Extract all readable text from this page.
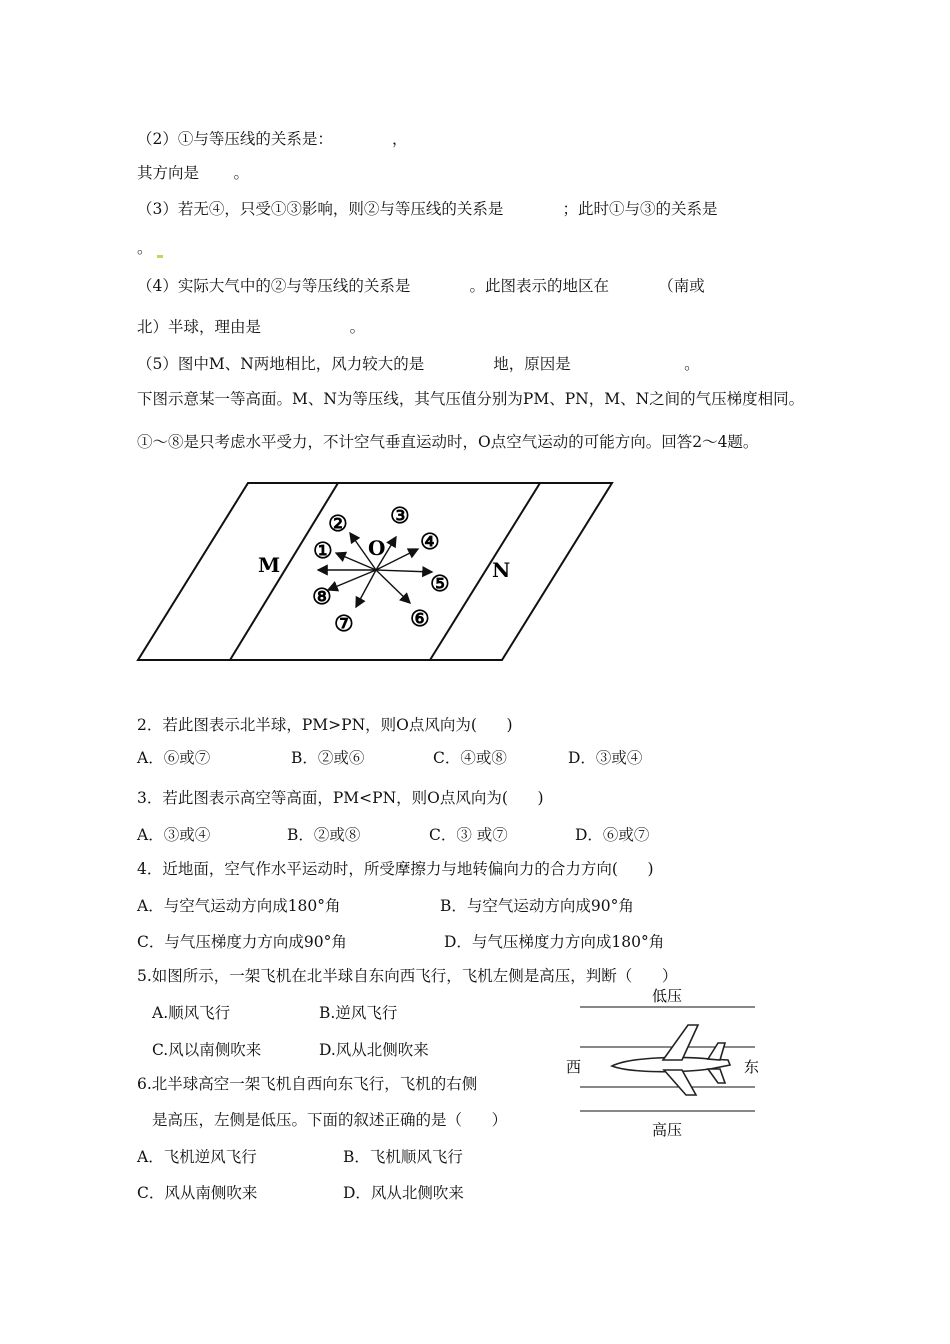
（2）①与等压线的关系是：            ，
其方向是       。
（3）若无④，只受①③影响，则②与等压线的关系是            ；此时①与③的关系是
。
（4）实际大气中的②与等压线的关系是            。此图表示的地区在          （南或
北）半球，理由是                  。
（5）图中M、N两地相比，风力较大的是              地，原因是                       。
下图示意某一等高面。M、N为等压线，其气压值分别为PM、PN，M、N之间的气压梯度相同。
①～⑧是只考虑水平受力，不计空气垂直运动时，O点空气运动的可能方向。回答2～4题。
M	N
O
①
② ③
④
⑤
⑥
⑦
⑧
2．若此图表示北半球，PM>PN，则O点风向为(      )
A．⑥或⑦	B．②或⑥	C．④或⑧	D．③或④
3．若此图表示高空等高面，PM<PN，则O点风向为(      )
A．③或④	B．②或⑧	C．③ 或⑦	D．⑥或⑦
4．近地面，空气作水平运动时，所受摩擦力与地转偏向力的合力方向(      )
A．与空气运动方向成180°角	B．与空气运动方向成90°角
C．与气压梯度力方向成90°角	D．与气压梯度力方向成180°角
5.如图所示，一架飞机在北半球自东向西飞行，飞机左侧是高压，判断（      ）
A.顺风飞行	B.逆风飞行
C.风以南侧吹来	D.风从北侧吹来
低压
西	东
高压
6.北半球高空一架飞机自西向东飞行，飞机的右侧
是高压，左侧是低压。下面的叙述正确的是（      ）
A．飞机逆风飞行	B．飞机顺风飞行
C．风从南侧吹来	D．风从北侧吹来
